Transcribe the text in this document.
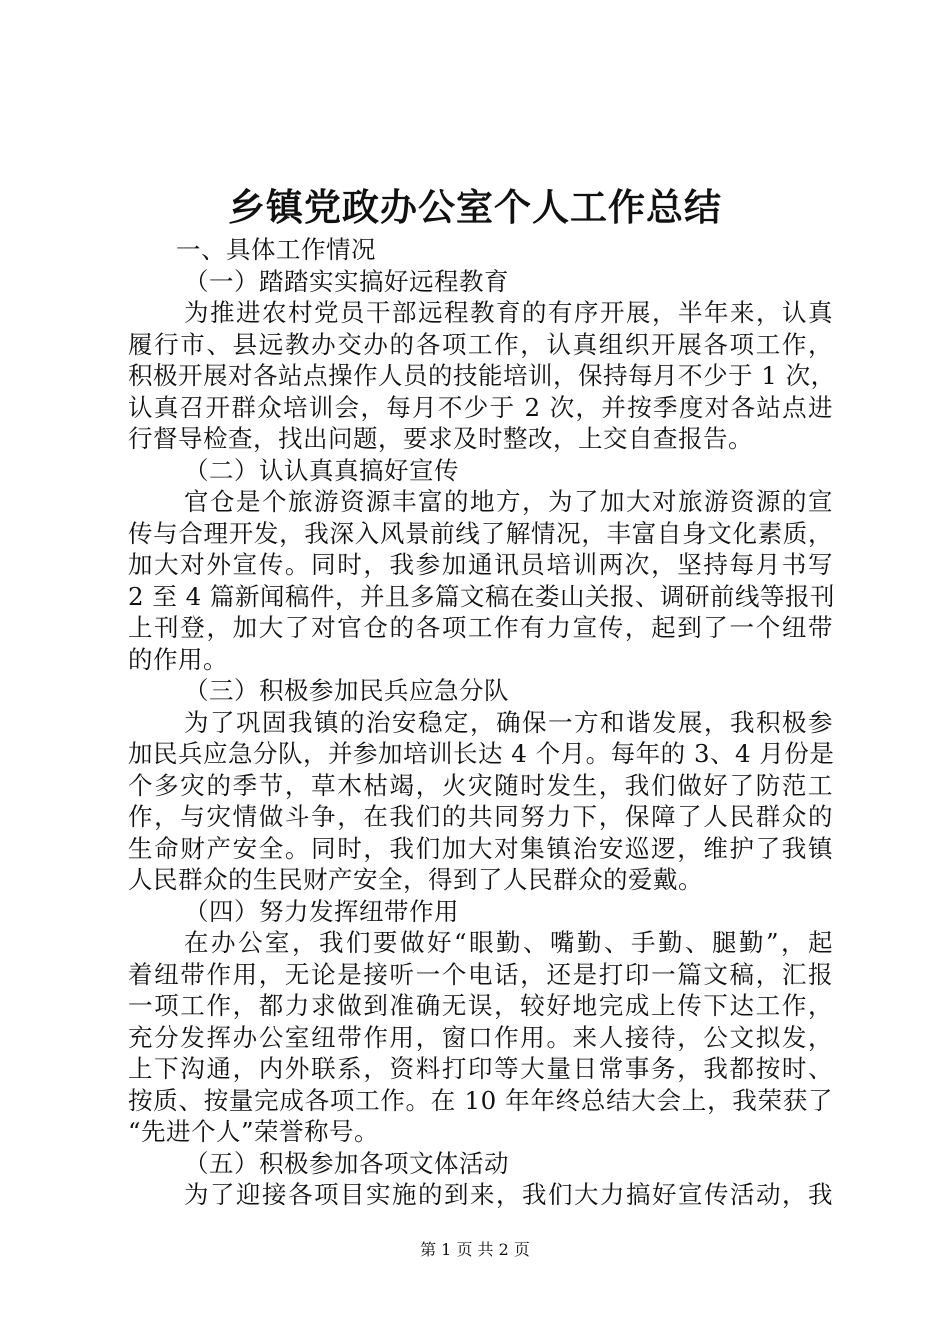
乡镇党政办公室个人工作总结
一、具体工作情况
（一）踏踏实实搞好远程教育
为推进农村党员干部远程教育的有序开展，半年来，认真
履行市、县远教办交办的各项工作，认真组织开展各项工作，
积极开展对各站点操作人员的技能培训，保持每月不少于 1 次，
认真召开群众培训会，每月不少于 2 次，并按季度对各站点进
行督导检查，找出问题，要求及时整改，上交自查报告。
（二）认认真真搞好宣传
官仓是个旅游资源丰富的地方，为了加大对旅游资源的宣
传与合理开发，我深入风景前线了解情况，丰富自身文化素质，
加大对外宣传。同时，我参加通讯员培训两次，坚持每月书写
2 至 4 篇新闻稿件，并且多篇文稿在娄山关报、调研前线等报刊
上刊登，加大了对官仓的各项工作有力宣传，起到了一个纽带
的作用。
（三）积极参加民兵应急分队
为了巩固我镇的治安稳定，确保一方和谐发展，我积极参
加民兵应急分队，并参加培训长达 4 个月。每年的 3、4 月份是
个多灾的季节，草木枯竭，火灾随时发生，我们做好了防范工
作，与灾情做斗争，在我们的共同努力下，保障了人民群众的
生命财产安全。同时，我们加大对集镇治安巡逻，维护了我镇
人民群众的生民财产安全，得到了人民群众的爱戴。
（四）努力发挥纽带作用
在办公室，我们要做好“眼勤、嘴勤、手勤、腿勤”，起
着纽带作用，无论是接听一个电话，还是打印一篇文稿，汇报
一项工作，都力求做到准确无误，较好地完成上传下达工作，
充分发挥办公室纽带作用，窗口作用。来人接待，公文拟发，
上下沟通，内外联系，资料打印等大量日常事务，我都按时、
按质、按量完成各项工作。在 10 年年终总结大会上，我荣获了
“先进个人”荣誉称号。
（五）积极参加各项文体活动
为了迎接各项目实施的到来，我们大力搞好宣传活动，我
第 1 页 共 2 页
